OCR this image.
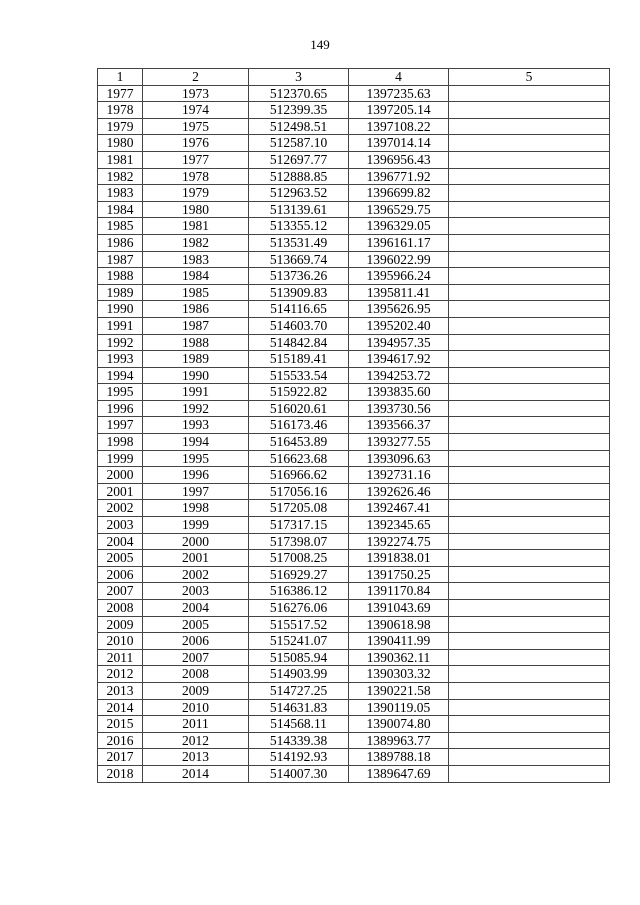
149
1	2	3	4	5
1977	1973	512370.65	1397235.63	
1978	1974	512399.35	1397205.14	
1979	1975	512498.51	1397108.22	
1980	1976	512587.10	1397014.14	
1981	1977	512697.77	1396956.43	
1982	1978	512888.85	1396771.92	
1983	1979	512963.52	1396699.82	
1984	1980	513139.61	1396529.75	
1985	1981	513355.12	1396329.05	
1986	1982	513531.49	1396161.17	
1987	1983	513669.74	1396022.99	
1988	1984	513736.26	1395966.24	
1989	1985	513909.83	1395811.41	
1990	1986	514116.65	1395626.95	
1991	1987	514603.70	1395202.40	
1992	1988	514842.84	1394957.35	
1993	1989	515189.41	1394617.92	
1994	1990	515533.54	1394253.72	
1995	1991	515922.82	1393835.60	
1996	1992	516020.61	1393730.56	
1997	1993	516173.46	1393566.37	
1998	1994	516453.89	1393277.55	
1999	1995	516623.68	1393096.63	
2000	1996	516966.62	1392731.16	
2001	1997	517056.16	1392626.46	
2002	1998	517205.08	1392467.41	
2003	1999	517317.15	1392345.65	
2004	2000	517398.07	1392274.75	
2005	2001	517008.25	1391838.01	
2006	2002	516929.27	1391750.25	
2007	2003	516386.12	1391170.84	
2008	2004	516276.06	1391043.69	
2009	2005	515517.52	1390618.98	
2010	2006	515241.07	1390411.99	
2011	2007	515085.94	1390362.11	
2012	2008	514903.99	1390303.32	
2013	2009	514727.25	1390221.58	
2014	2010	514631.83	1390119.05	
2015	2011	514568.11	1390074.80	
2016	2012	514339.38	1389963.77	
2017	2013	514192.93	1389788.18	
2018	2014	514007.30	1389647.69	
